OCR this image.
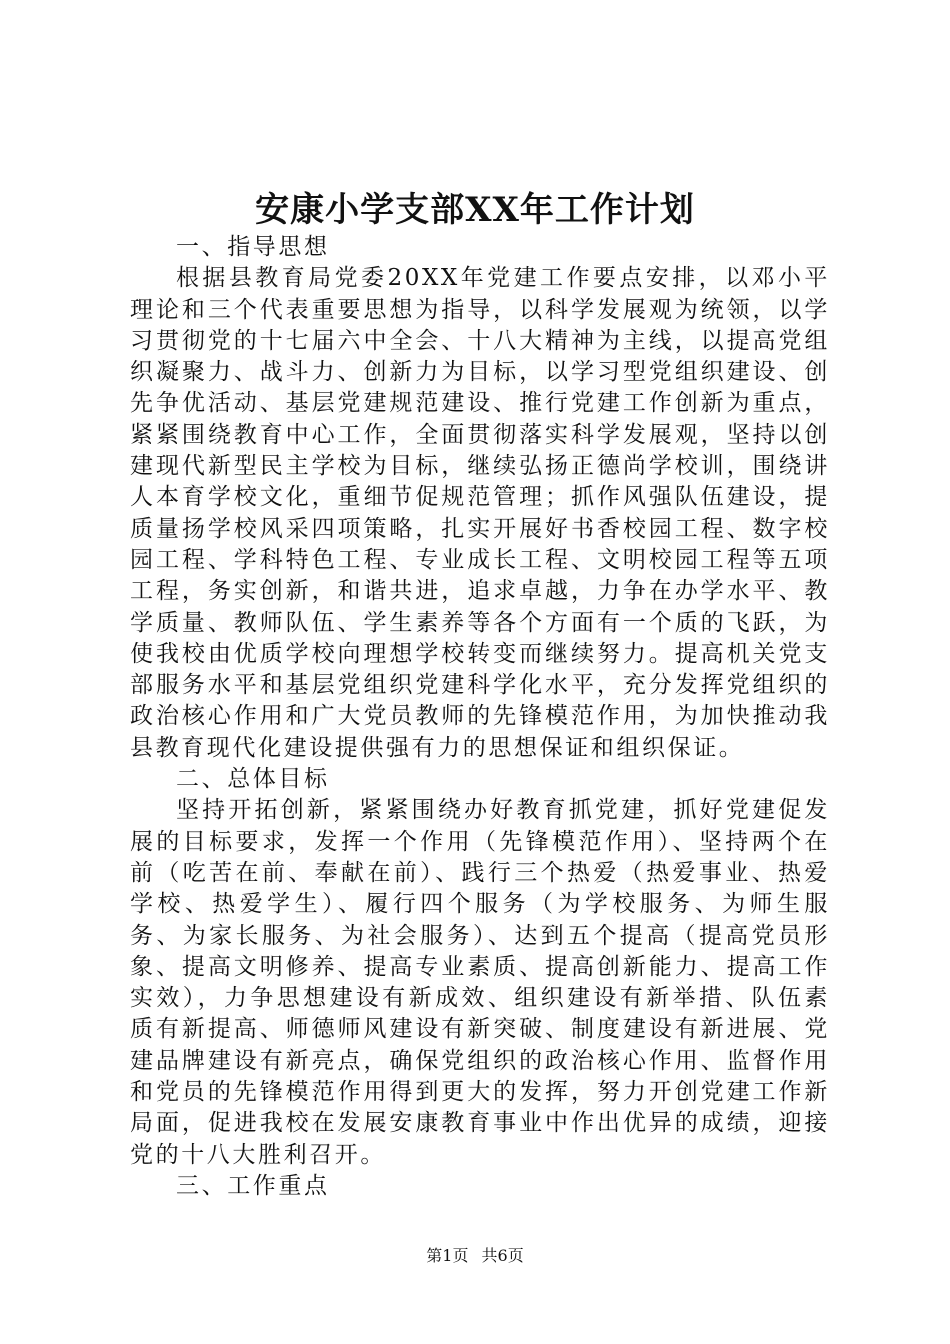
安康小学支部XX年工作计划

一、指导思想

根据县教育局党委20XX年党建工作要点安排，以邓小平理论和三个代表重要思想为指导，以科学发展观为统领，以学习贯彻党的十七届六中全会、十八大精神为主线，以提高党组织凝聚力、战斗力、创新力为目标，以学习型党组织建设、创先争优活动、基层党建规范建设、推行党建工作创新为重点，紧紧围绕教育中心工作，全面贯彻落实科学发展观，坚持以创建现代新型民主学校为目标，继续弘扬正德尚学校训，围绕讲人本育学校文化，重细节促规范管理；抓作风强队伍建设，提质量扬学校风采四项策略，扎实开展好书香校园工程、数字校园工程、学科特色工程、专业成长工程、文明校园工程等五项工程，务实创新，和谐共进，追求卓越，力争在办学水平、教学质量、教师队伍、学生素养等各个方面有一个质的飞跃，为使我校由优质学校向理想学校转变而继续努力。提高机关党支部服务水平和基层党组织党建科学化水平，充分发挥党组织的政治核心作用和广大党员教师的先锋模范作用，为加快推动我县教育现代化建设提供强有力的思想保证和组织保证。

二、总体目标

坚持开拓创新，紧紧围绕办好教育抓党建，抓好党建促发展的目标要求，发挥一个作用（先锋模范作用）、坚持两个在前（吃苦在前、奉献在前）、践行三个热爱（热爱事业、热爱学校、热爱学生）、履行四个服务（为学校服务、为师生服务、为家长服务、为社会服务）、达到五个提高（提高党员形象、提高文明修养、提高专业素质、提高创新能力、提高工作实效），力争思想建设有新成效、组织建设有新举措、队伍素质有新提高、师德师风建设有新突破、制度建设有新进展、党建品牌建设有新亮点，确保党组织的政治核心作用、监督作用和党员的先锋模范作用得到更大的发挥，努力开创党建工作新局面，促进我校在发展安康教育事业中作出优异的成绩，迎接党的十八大胜利召开。

三、工作重点

第1页 共6页
